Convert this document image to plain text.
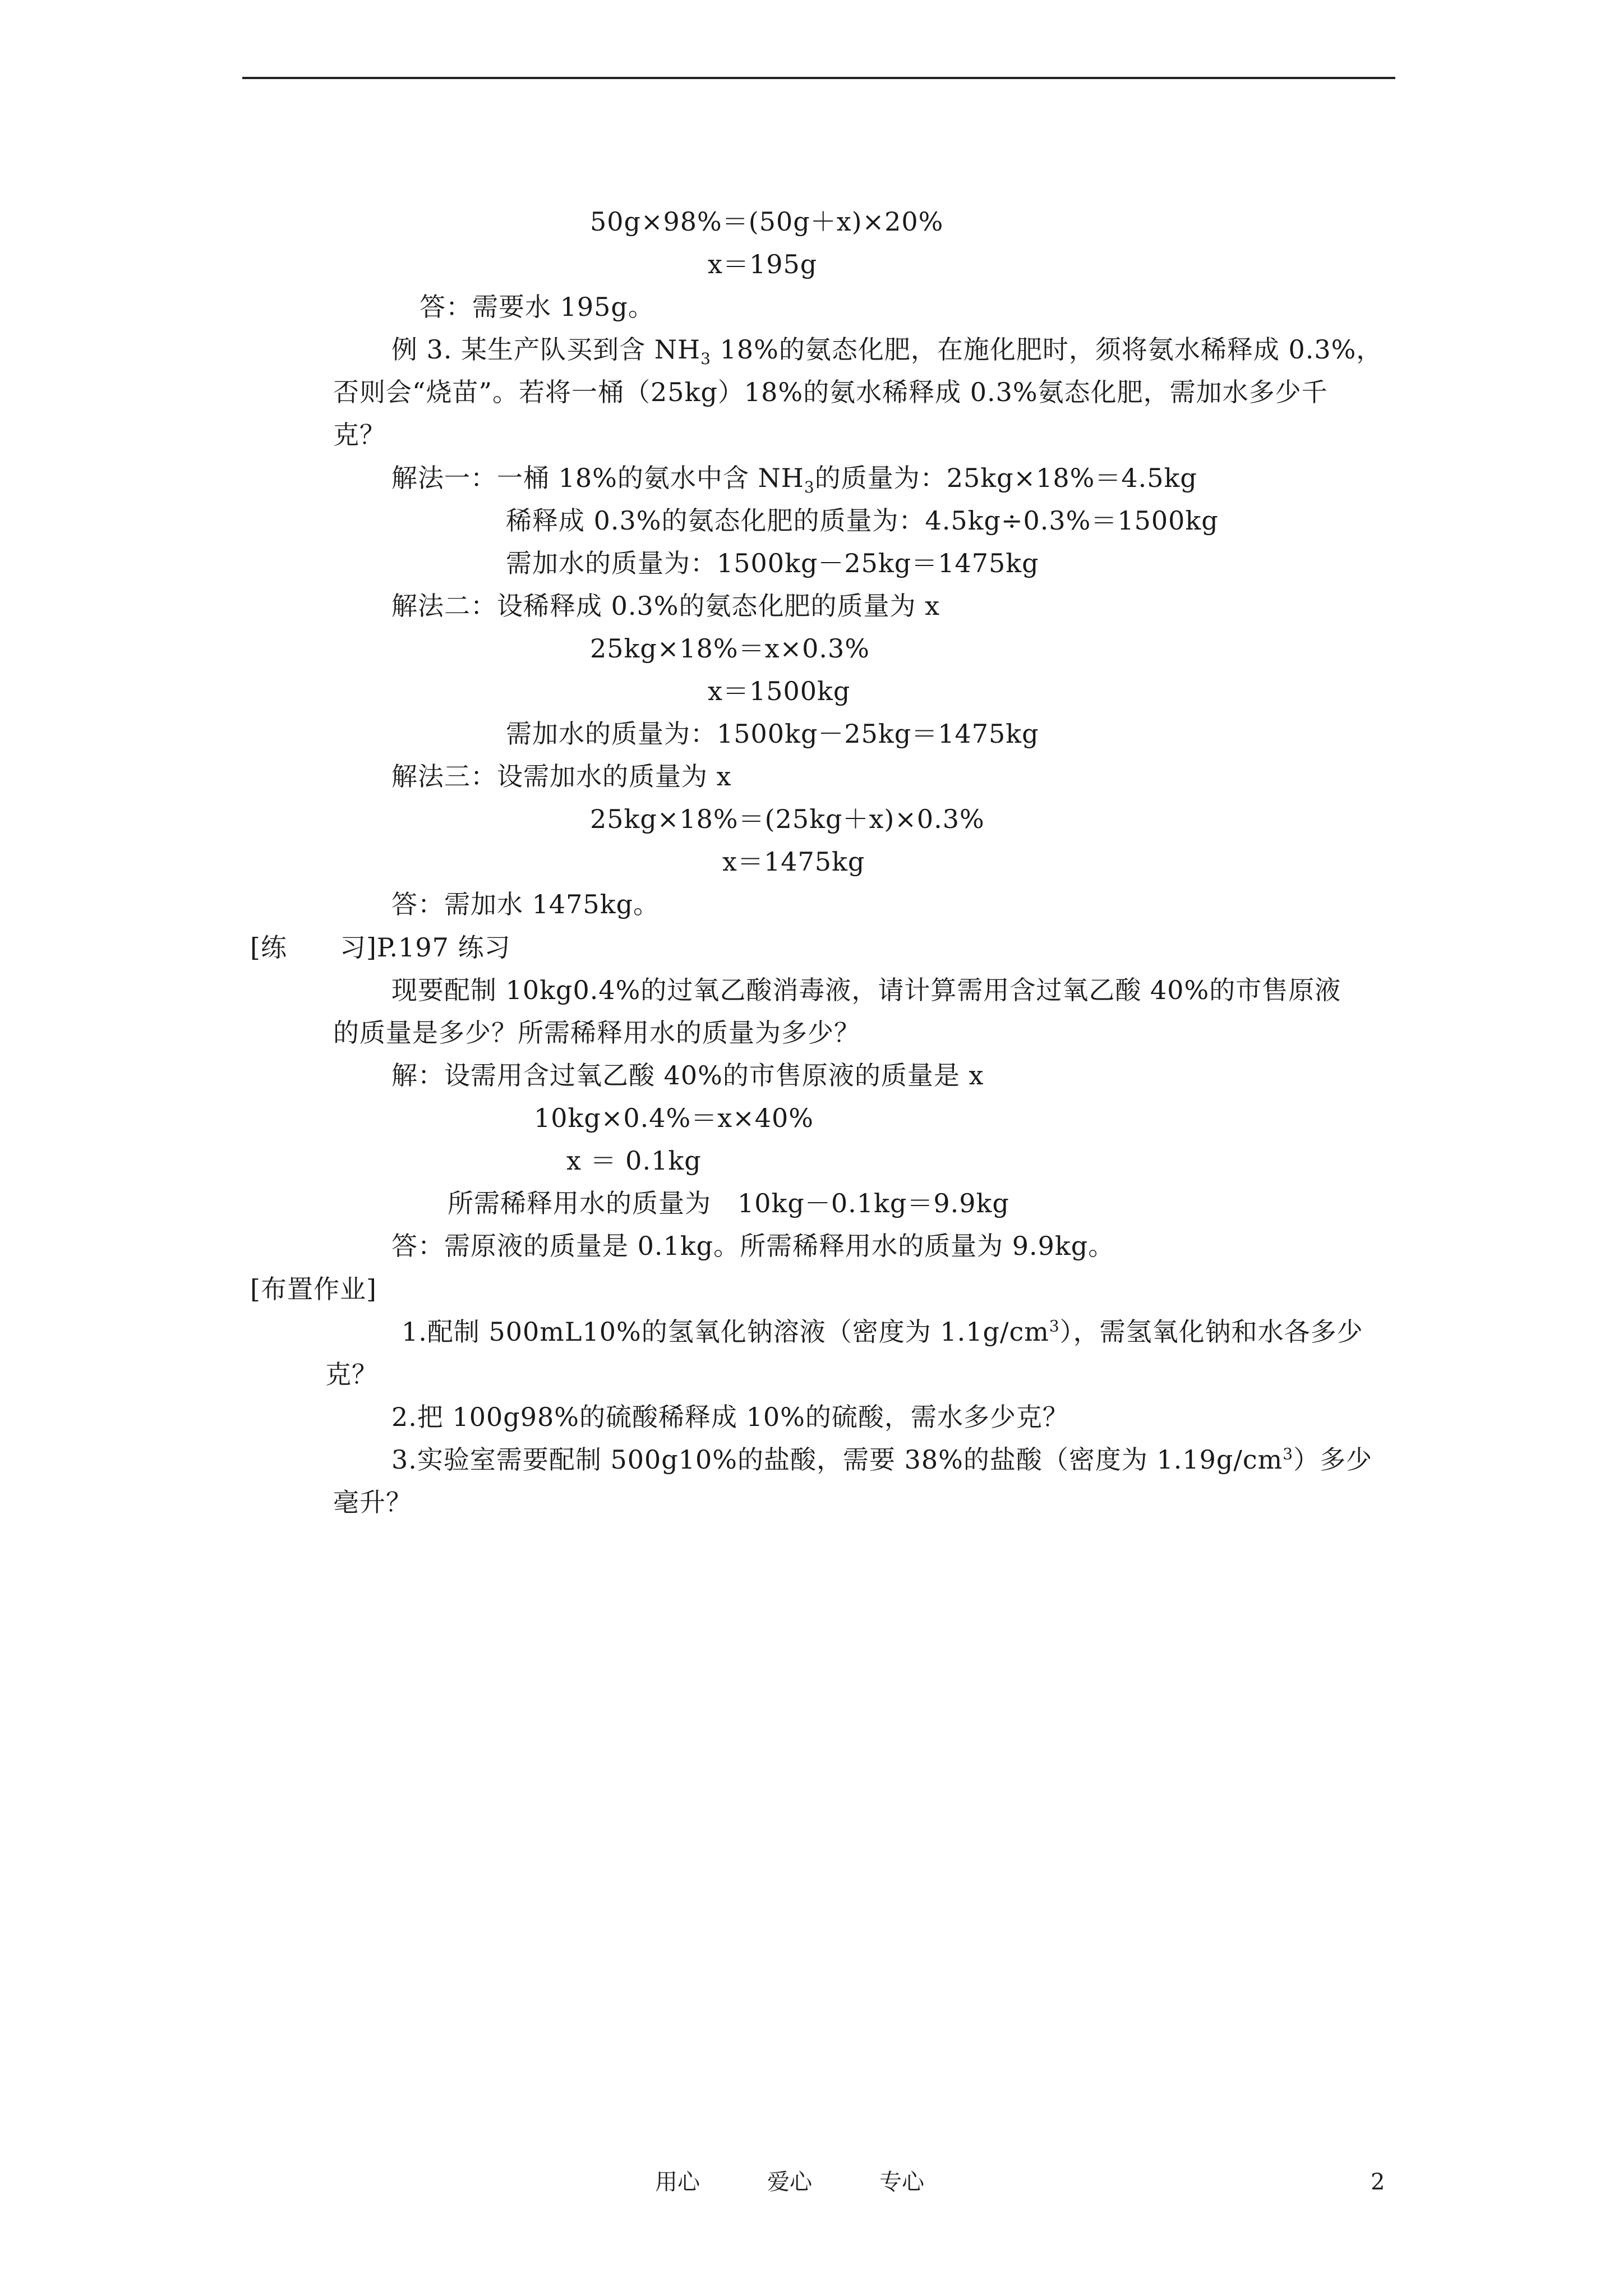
50g×98%＝(50g＋x)×20%
x＝195g
答：需要水 195g。
例 3. 某生产队买到含 $NH_3$ 18%的氨态化肥，在施化肥时，须将氨水稀释成 0.3%，
否则会“烧苗”。若将一桶（25kg）18%的氨水稀释成 0.3%氨态化肥，需加水多少千
克？
解法一：一桶 18%的氨水中含 $NH_3$的质量为：25kg×18%＝4.5kg
稀释成 0.3%的氨态化肥的质量为：4.5kg÷0.3%＝1500kg
需加水的质量为：1500kg－25kg＝1475kg
解法二：设稀释成 0.3%的氨态化肥的质量为 x
25kg×18%＝x×0.3%
x＝1500kg
需加水的质量为：1500kg－25kg＝1475kg
解法三：设需加水的质量为 x
25kg×18%＝(25kg＋x)×0.3%
x＝1475kg
答：需加水 1475kg。
[练　　习]P.197 练习
现要配制 10kg0.4%的过氧乙酸消毒液，请计算需用含过氧乙酸 40%的市售原液
的质量是多少？所需稀释用水的质量为多少？
解：设需用含过氧乙酸 40%的市售原液的质量是 x
10kg×0.4%＝x×40%
x ＝ 0.1kg
所需稀释用水的质量为　10kg－0.1kg＝9.9kg
答：需原液的质量是 0.1kg。所需稀释用水的质量为 9.9kg。
[布置作业]
1.配制 500mL10%的氢氧化钠溶液（密度为 $1.1g/cm^3$），需氢氧化钠和水各多少
克？
2.把 100g98%的硫酸稀释成 10%的硫酸，需水多少克？
3.实验室需要配制 500g10%的盐酸，需要 38%的盐酸（密度为 $1.19g/cm^3$）多少
毫升？
用心	爱心	专心	2
